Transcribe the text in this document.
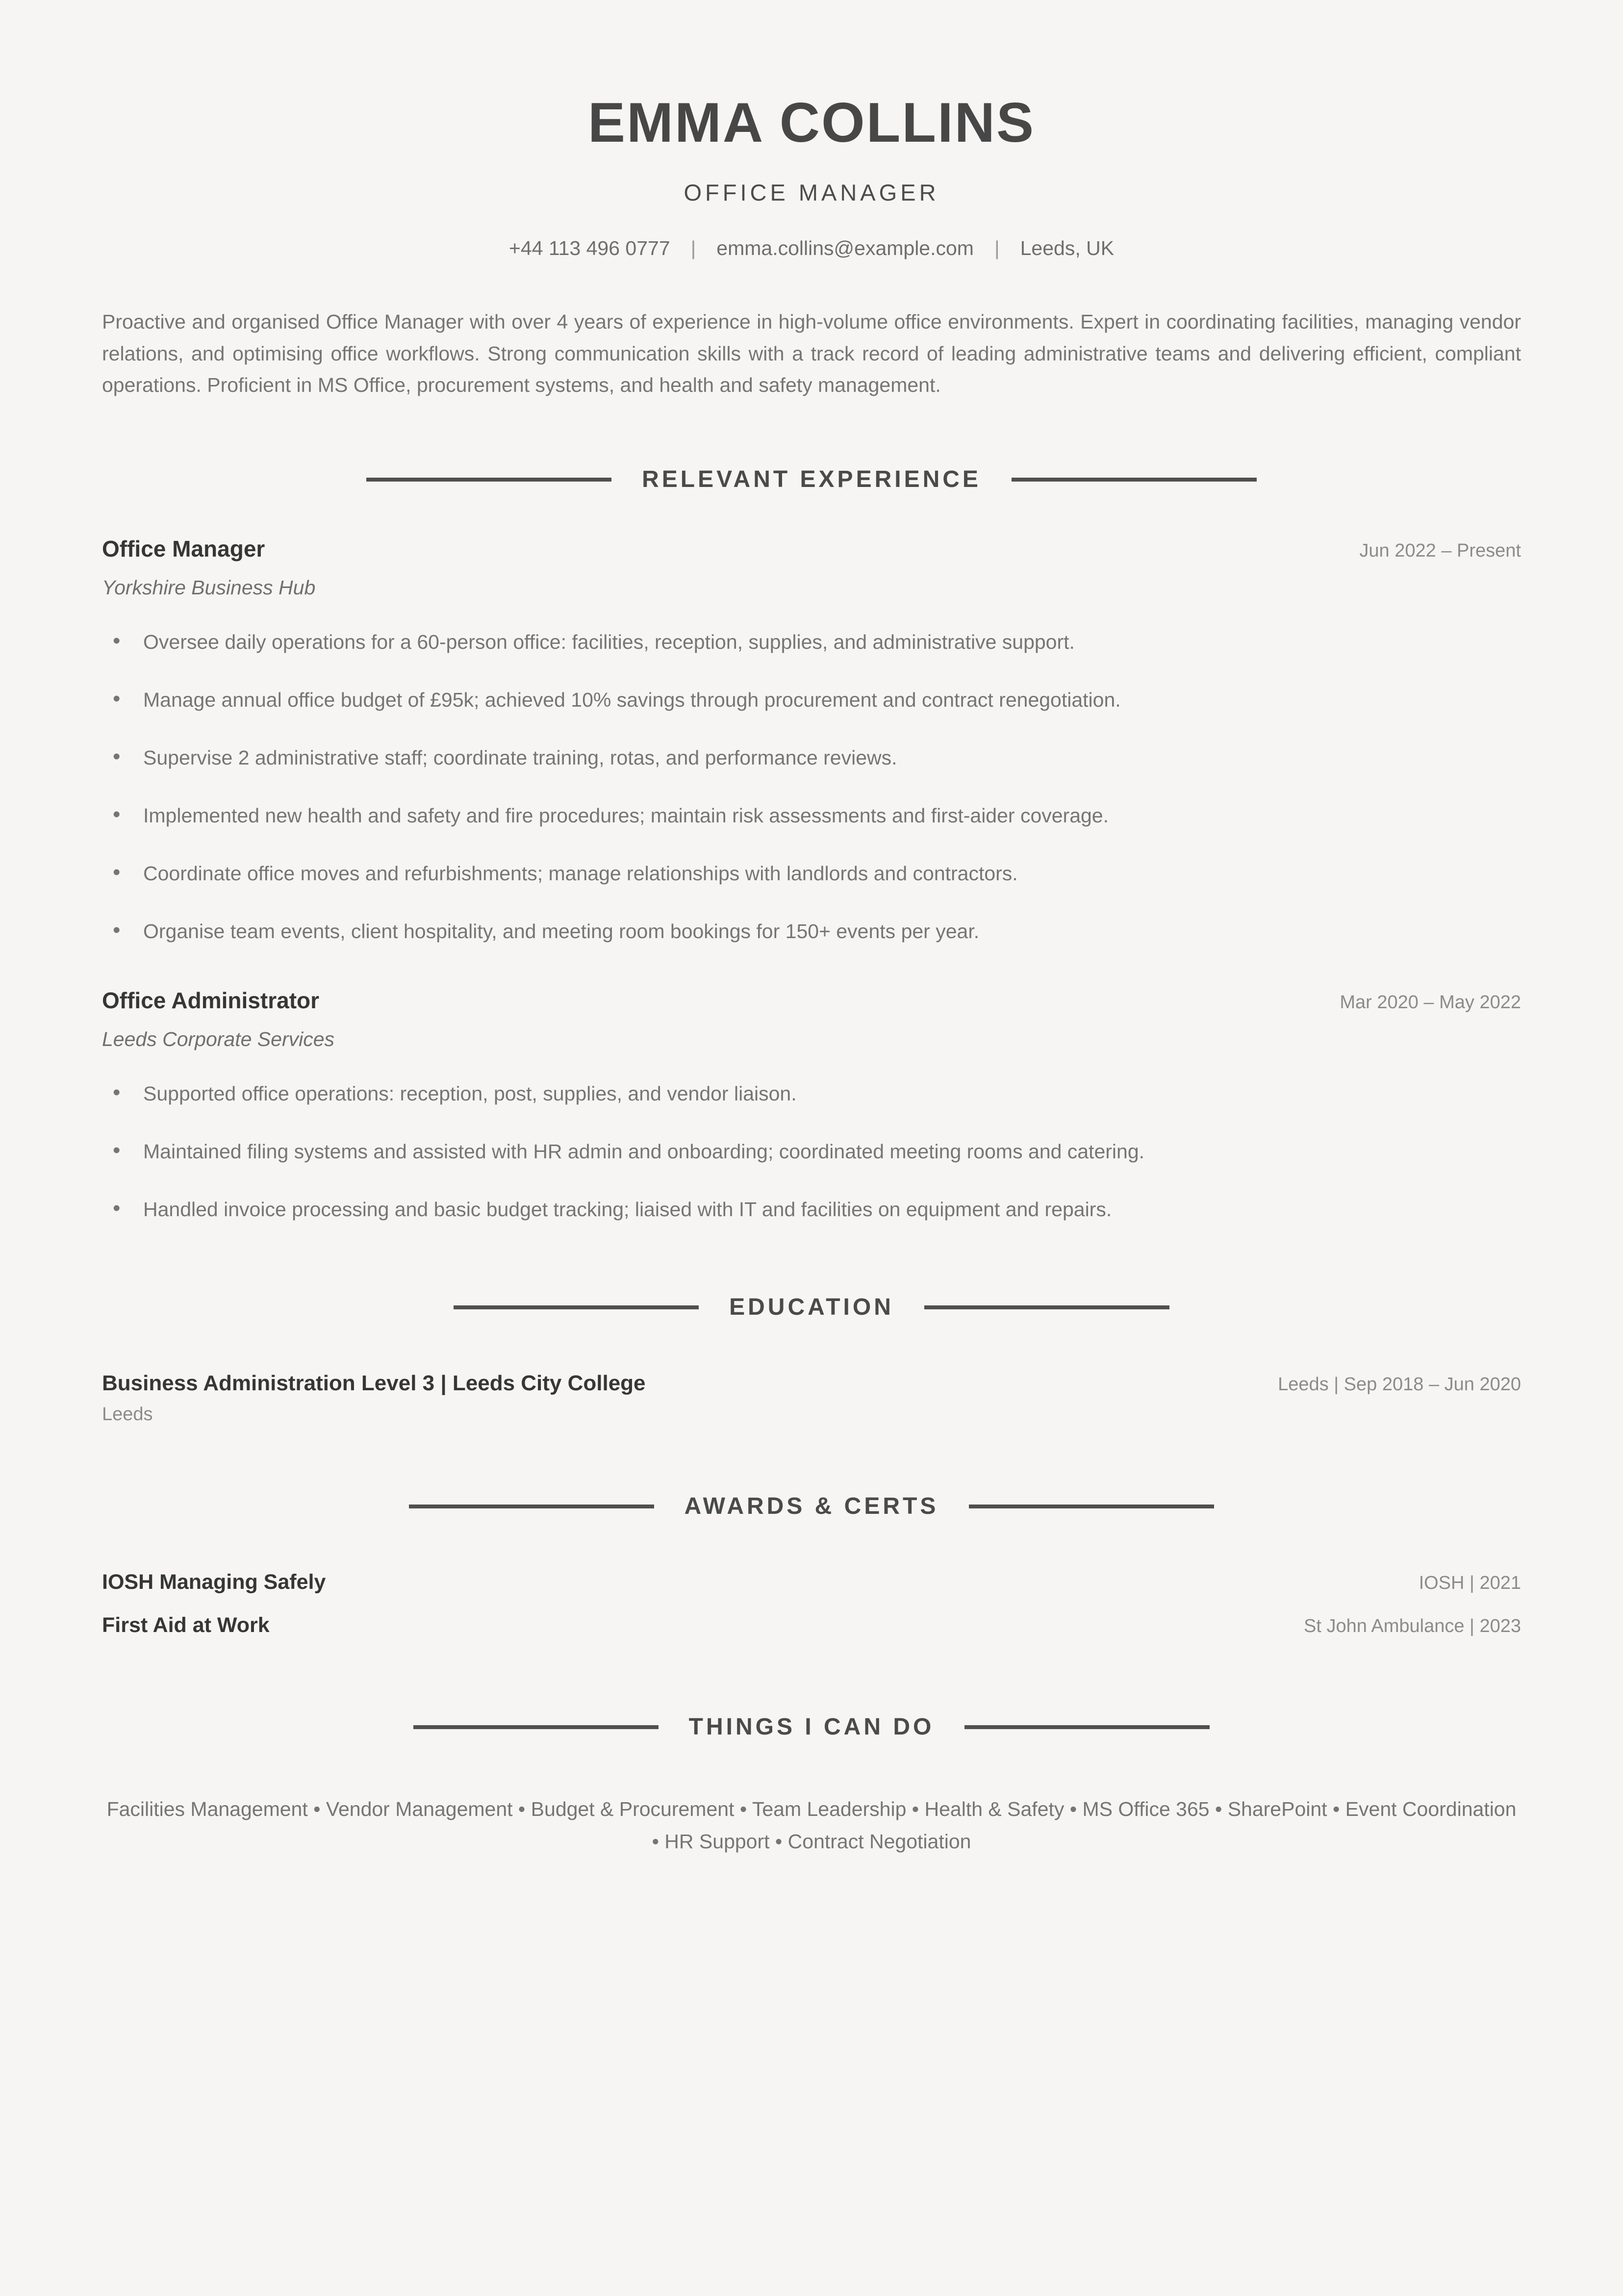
EMMA COLLINS
OFFICE MANAGER
+44 113 496 0777 | emma.collins@example.com | Leeds, UK

Proactive and organised Office Manager with over 4 years of experience in high-volume office environments. Expert in coordinating facilities, managing vendor relations, and optimising office workflows. Strong communication skills with a track record of leading administrative teams and delivering efficient, compliant operations. Proficient in MS Office, procurement systems, and health and safety management.

RELEVANT EXPERIENCE
Office Manager	Jun 2022 – Present
Yorkshire Business Hub
• Oversee daily operations for a 60-person office: facilities, reception, supplies, and administrative support.
• Manage annual office budget of £95k; achieved 10% savings through procurement and contract renegotiation.
• Supervise 2 administrative staff; coordinate training, rotas, and performance reviews.
• Implemented new health and safety and fire procedures; maintain risk assessments and first-aider coverage.
• Coordinate office moves and refurbishments; manage relationships with landlords and contractors.
• Organise team events, client hospitality, and meeting room bookings for 150+ events per year.
Office Administrator	Mar 2020 – May 2022
Leeds Corporate Services
• Supported office operations: reception, post, supplies, and vendor liaison.
• Maintained filing systems and assisted with HR admin and onboarding; coordinated meeting rooms and catering.
• Handled invoice processing and basic budget tracking; liaised with IT and facilities on equipment and repairs.
EDUCATION
Business Administration Level 3 | Leeds City College	Leeds | Sep 2018 – Jun 2020
Leeds
AWARDS & CERTS
IOSH Managing Safely	IOSH | 2021
First Aid at Work	St John Ambulance | 2023
THINGS I CAN DO

Facilities Management • Vendor Management • Budget & Procurement • Team Leadership • Health & Safety • MS Office 365 • SharePoint • Event Coordination • HR Support • Contract Negotiation
